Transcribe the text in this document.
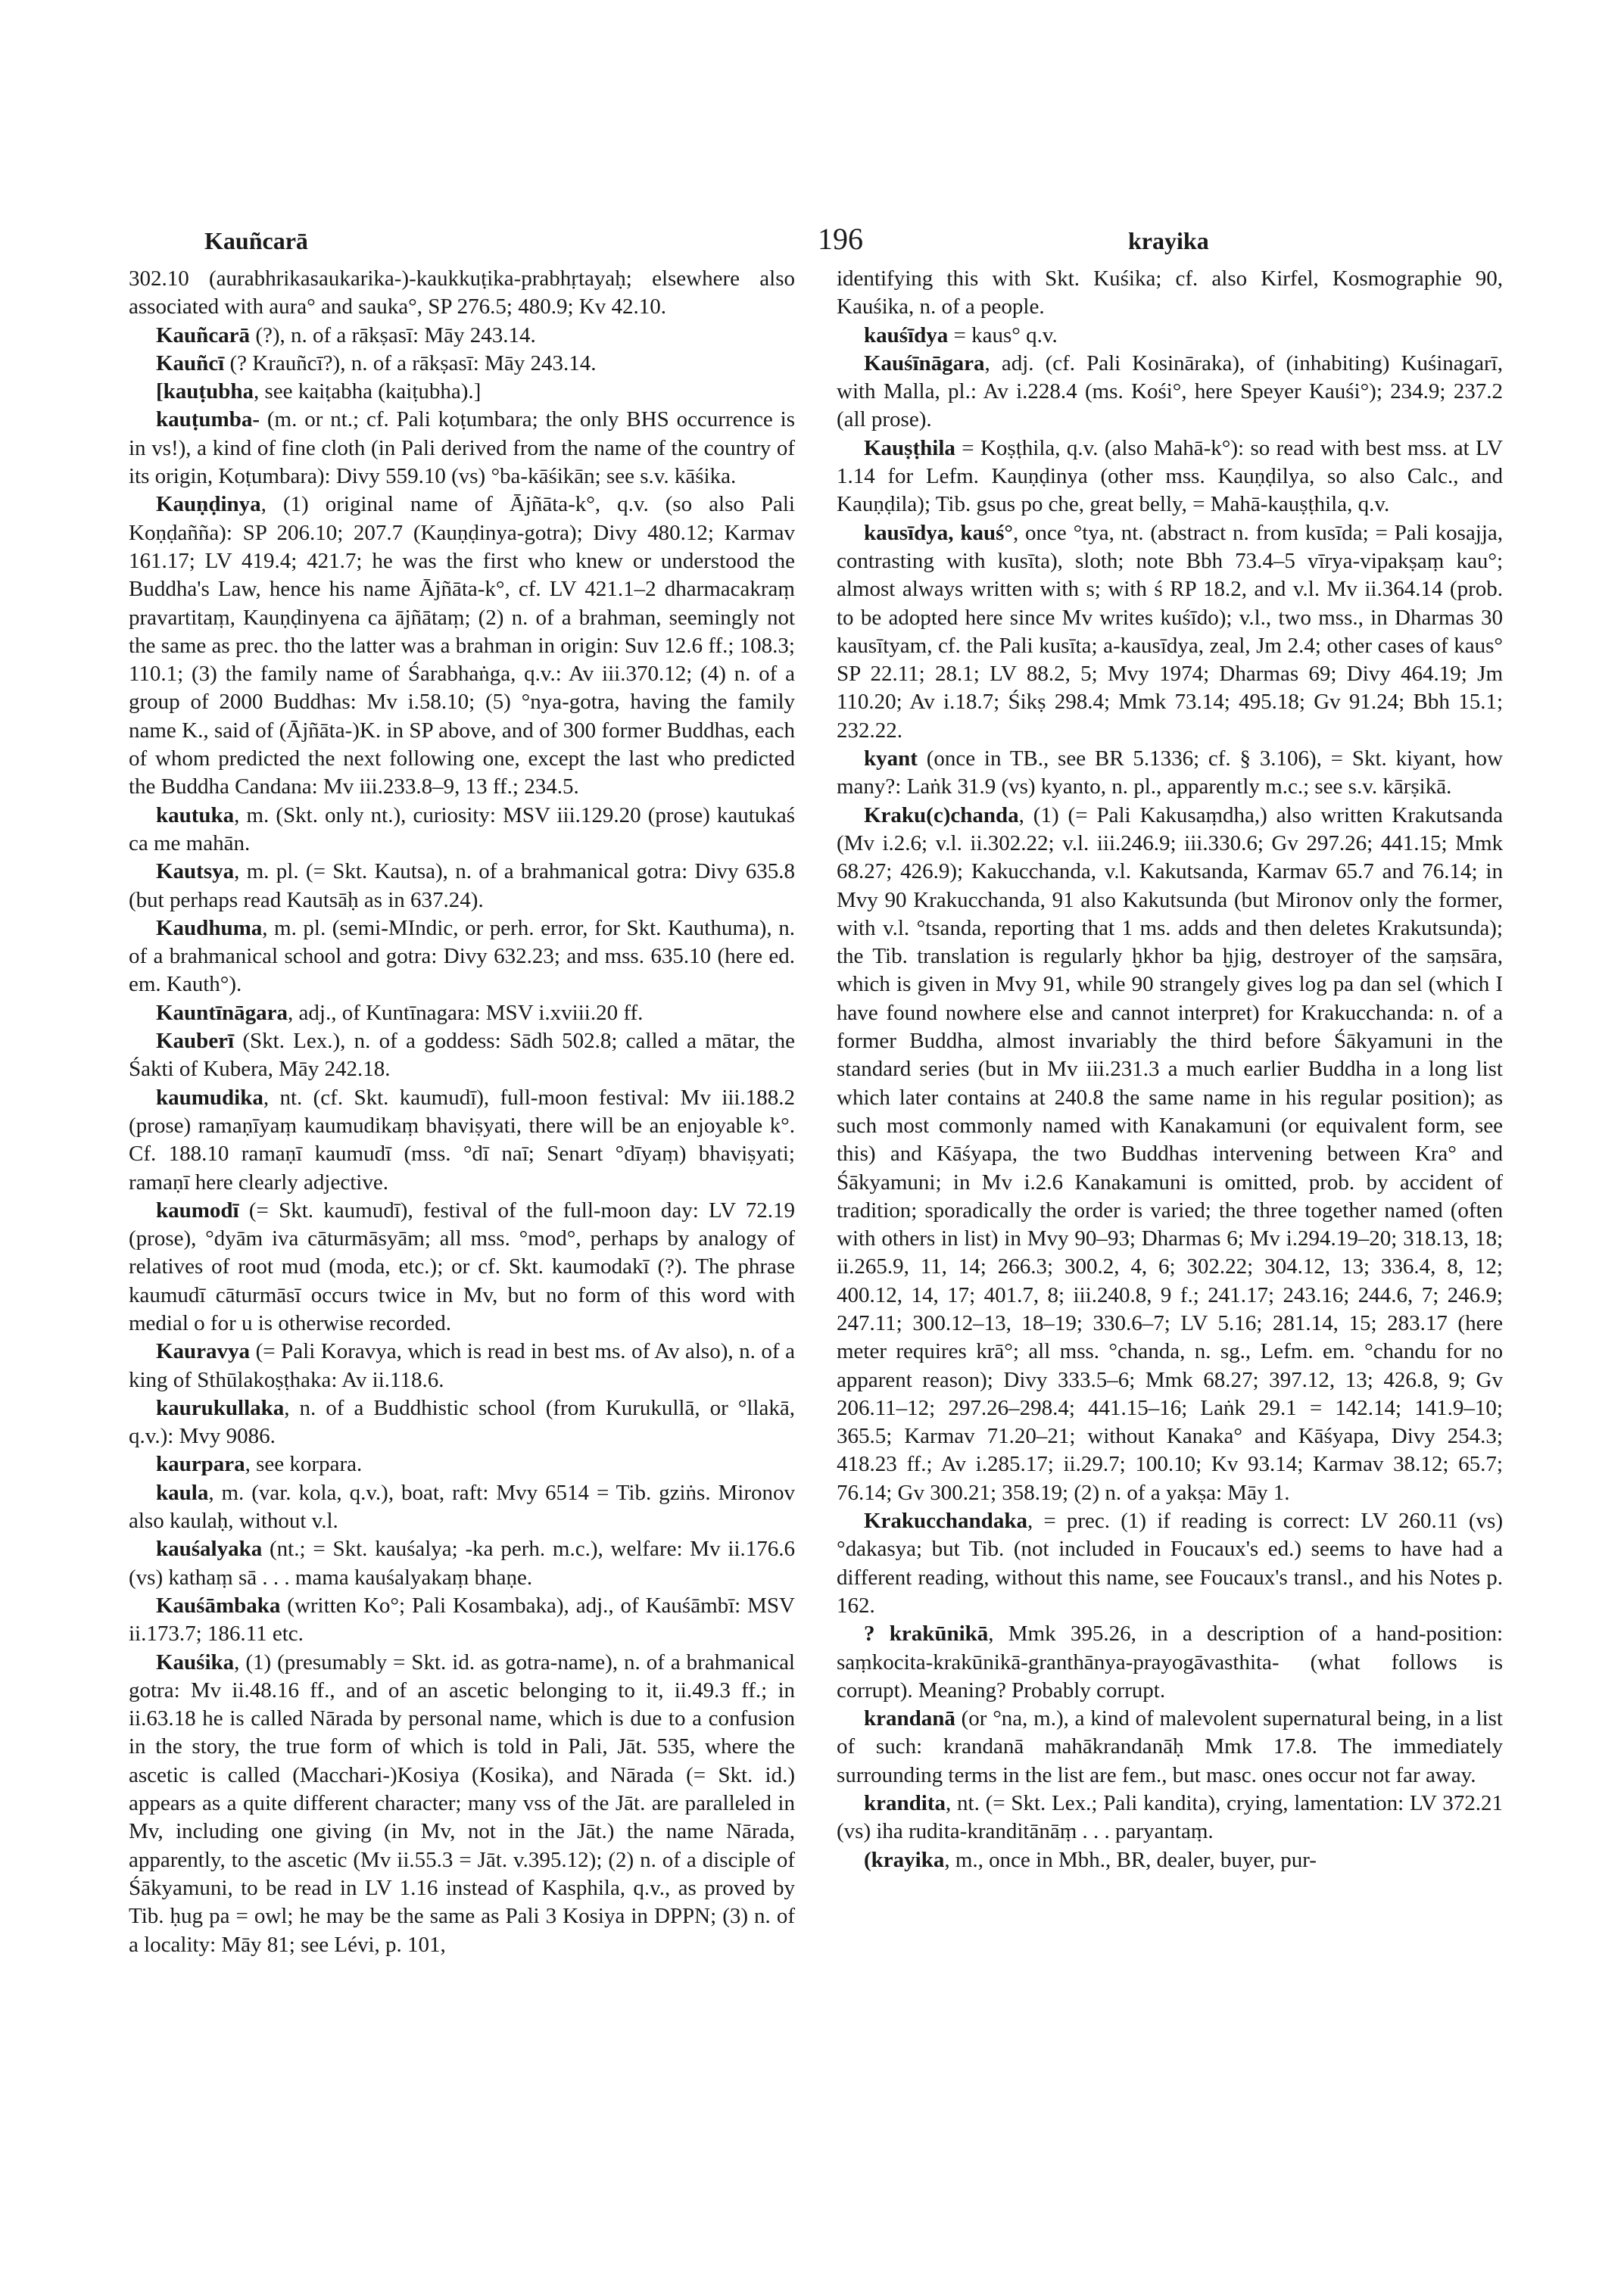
Kauñcarā	196	krayika

302.10 (aurabhrikasaukarika-)-kaukkuṭika-prabhṛtayaḥ; elsewhere also associated with aura° and sauka°, SP 276.5; 480.9; Kv 42.10.

Kauñcarā (?), n. of a rākṣasī: Māy 243.14.

Kauñcī (? Krauñcī?), n. of a rākṣasī: Māy 243.14.

[kauṭubha, see kaiṭabha (kaiṭubha).]

kauṭumba- (m. or nt.; cf. Pali koṭumbara; the only BHS occurrence is in vs!), a kind of fine cloth (in Pali derived from the name of the country of its origin, Koṭumbara): Divy 559.10 (vs) °ba-kāśikān; see s.v. kāśika.

Kauṇḍinya, (1) original name of Ājñāta-k°, q.v. (so also Pali Koṇḍañña): SP 206.10; 207.7 (Kauṇḍinya-gotra); Divy 480.12; Karmav 161.17; LV 419.4; 421.7; he was the first who knew or understood the Buddha's Law, hence his name Ājñāta-k°, cf. LV 421.1–2 dharmacakraṃ pravartitaṃ, Kauṇḍinyena ca ājñātaṃ; (2) n. of a brahman, seemingly not the same as prec. tho the latter was a brahman in origin: Suv 12.6 ff.; 108.3; 110.1; (3) the family name of Śarabhaṅga, q.v.: Av iii.370.12; (4) n. of a group of 2000 Buddhas: Mv i.58.10; (5) °nya-gotra, having the family name K., said of (Ājñāta-)K. in SP above, and of 300 former Buddhas, each of whom predicted the next following one, except the last who predicted the Buddha Candana: Mv iii.233.8–9, 13 ff.; 234.5.

kautuka, m. (Skt. only nt.), curiosity: MSV iii.129.20 (prose) kautukaś ca me mahān.

Kautsya, m. pl. (= Skt. Kautsa), n. of a brahmanical gotra: Divy 635.8 (but perhaps read Kautsāḥ as in 637.24).

Kaudhuma, m. pl. (semi-MIndic, or perh. error, for Skt. Kauthuma), n. of a brahmanical school and gotra: Divy 632.23; and mss. 635.10 (here ed. em. Kauth°).

Kauntīnāgara, adj., of Kuntīnagara: MSV i.xviii.20 ff.

Kauberī (Skt. Lex.), n. of a goddess: Sādh 502.8; called a mātar, the Śakti of Kubera, Māy 242.18.

kaumudika, nt. (cf. Skt. kaumudī), full-moon festival: Mv iii.188.2 (prose) ramaṇīyaṃ kaumudikaṃ bhaviṣyati, there will be an enjoyable k°. Cf. 188.10 ramaṇī kaumudī (mss. °dī naī; Senart °dīyaṃ) bhaviṣyati; ramaṇī here clearly adjective.

kaumodī (= Skt. kaumudī), festival of the full-moon day: LV 72.19 (prose), °dyām iva cāturmāsyām; all mss. °mod°, perhaps by analogy of relatives of root mud (moda, etc.); or cf. Skt. kaumodakī (?). The phrase kaumudī cāturmāsī occurs twice in Mv, but no form of this word with medial o for u is otherwise recorded.

Kauravya (= Pali Koravya, which is read in best ms. of Av also), n. of a king of Sthūlakoṣṭhaka: Av ii.118.6.

kaurukullaka, n. of a Buddhistic school (from Kurukullā, or °llakā, q.v.): Mvy 9086.

kaurpara, see korpara.

kaula, m. (var. kola, q.v.), boat, raft: Mvy 6514 = Tib. gziṅs. Mironov also kaulaḥ, without v.l.

kauśalyaka (nt.; = Skt. kauśalya; -ka perh. m.c.), welfare: Mv ii.176.6 (vs) kathaṃ sā . . . mama kauśalyakaṃ bhaṇe.

Kauśāmbaka (written Ko°; Pali Kosambaka), adj., of Kauśāmbī: MSV ii.173.7; 186.11 etc.

Kauśika, (1) (presumably = Skt. id. as gotra-name), n. of a brahmanical gotra: Mv ii.48.16 ff., and of an ascetic belonging to it, ii.49.3 ff.; in ii.63.18 he is called Nārada by personal name, which is due to a confusion in the story, the true form of which is told in Pali, Jāt. 535, where the ascetic is called (Macchari-)Kosiya (Kosika), and Nārada (= Skt. id.) appears as a quite different character; many vss of the Jāt. are paralleled in Mv, including one giving (in Mv, not in the Jāt.) the name Nārada, apparently, to the ascetic (Mv ii.55.3 = Jāt. v.395.12); (2) n. of a disciple of Śākyamuni, to be read in LV 1.16 instead of Kasphila, q.v., as proved by Tib. ḥug pa = owl; he may be the same as Pali 3 Kosiya in DPPN; (3) n. of a locality: Māy 81; see Lévi, p. 101,

identifying this with Skt. Kuśika; cf. also Kirfel, Kosmographie 90, Kauśika, n. of a people.

kauśīdya = kaus° q.v.

Kauśīnāgara, adj. (cf. Pali Kosinārakа), of (inhabiting) Kuśinagarī, with Malla, pl.: Av i.228.4 (ms. Kośi°, here Speyer Kauśi°); 234.9; 237.2 (all prose).

Kauṣṭhila = Koṣṭhila, q.v. (also Mahā-k°): so read with best mss. at LV 1.14 for Lefm. Kauṇḍinya (other mss. Kauṇḍilya, so also Calc., and Kauṇḍila); Tib. gsus po che, great belly, = Mahā-kauṣṭhila, q.v.

kausīdya, kauś°, once °tya, nt. (abstract n. from kusīda; = Pali kosajja, contrasting with kusīta), sloth; note Bbh 73.4–5 vīrya-vipakṣaṃ kau°; almost always written with s; with ś RP 18.2, and v.l. Mv ii.364.14 (prob. to be adopted here since Mv writes kuśīdo); v.l., two mss., in Dharmas 30 kausītyam, cf. the Pali kusīta; a-kausīdya, zeal, Jm 2.4; other cases of kaus° SP 22.11; 28.1; LV 88.2, 5; Mvy 1974; Dharmas 69; Divy 464.19; Jm 110.20; Av i.18.7; Śikṣ 298.4; Mmk 73.14; 495.18; Gv 91.24; Bbh 15.1; 232.22.

kyant (once in TB., see BR 5.1336; cf. § 3.106), = Skt. kiyant, how many?: Laṅk 31.9 (vs) kyanto, n. pl., apparently m.c.; see s.v. kārṣikā.

Kraku(c)chanda, (1) (= Pali Kakusaṃdha,) also written Krakutsanda (Mv i.2.6; v.l. ii.302.22; v.l. iii.246.9; iii.330.6; Gv 297.26; 441.15; Mmk 68.27; 426.9); Kakucchanda, v.l. Kakutsanda, Karmav 65.7 and 76.14; in Mvy 90 Krakucchanda, 91 also Kakutsunda (but Mironov only the former, with v.l. °tsanda, reporting that 1 ms. adds and then deletes Krakutsunda); the Tib. translation is regularly ḫkhor ba ḫjig, destroyer of the saṃsāra, which is given in Mvy 91, while 90 strangely gives log pa dan sel (which I have found nowhere else and cannot interpret) for Krakucchanda: n. of a former Buddha, almost invariably the third before Śākyamuni in the standard series (but in Mv iii.231.3 a much earlier Buddha in a long list which later contains at 240.8 the same name in his regular position); as such most commonly named with Kanakamuni (or equivalent form, see this) and Kāśyapa, the two Buddhas intervening between Kra° and Śākyamuni; in Mv i.2.6 Kanakamuni is omitted, prob. by accident of tradition; sporadically the order is varied; the three together named (often with others in list) in Mvy 90–93; Dharmas 6; Mv i.294.19–20; 318.13, 18; ii.265.9, 11, 14; 266.3; 300.2, 4, 6; 302.22; 304.12, 13; 336.4, 8, 12; 400.12, 14, 17; 401.7, 8; iii.240.8, 9 f.; 241.17; 243.16; 244.6, 7; 246.9; 247.11; 300.12–13, 18–19; 330.6–7; LV 5.16; 281.14, 15; 283.17 (here meter requires krā°; all mss. °chanda, n. sg., Lefm. em. °chandu for no apparent reason); Divy 333.5–6; Mmk 68.27; 397.12, 13; 426.8, 9; Gv 206.11–12; 297.26–298.4; 441.15–16; Laṅk 29.1 = 142.14; 141.9–10; 365.5; Karmav 71.20–21; without Kanaka° and Kāśyapa, Divy 254.3; 418.23 ff.; Av i.285.17; ii.29.7; 100.10; Kv 93.14; Karmav 38.12; 65.7; 76.14; Gv 300.21; 358.19; (2) n. of a yakṣa: Māy 1.

Krakucchandaka, = prec. (1) if reading is correct: LV 260.11 (vs) °dakasya; but Tib. (not included in Foucaux's ed.) seems to have had a different reading, without this name, see Foucaux's transl., and his Notes p. 162.

? krakūnikā, Mmk 395.26, in a description of a hand-position: saṃkocita-krakūnikā-granthānya-prayogāvasthita- (what follows is corrupt). Meaning? Probably corrupt.

krandanā (or °na, m.), a kind of malevolent supernatural being, in a list of such: krandanā mahākrandanāḥ Mmk 17.8. The immediately surrounding terms in the list are fem., but masc. ones occur not far away.

krandita, nt. (= Skt. Lex.; Pali kandita), crying, lamentation: LV 372.21 (vs) iha rudita-kranditānāṃ . . . paryantaṃ.

(krayika, m., once in Mbh., BR, dealer, buyer, pur-
